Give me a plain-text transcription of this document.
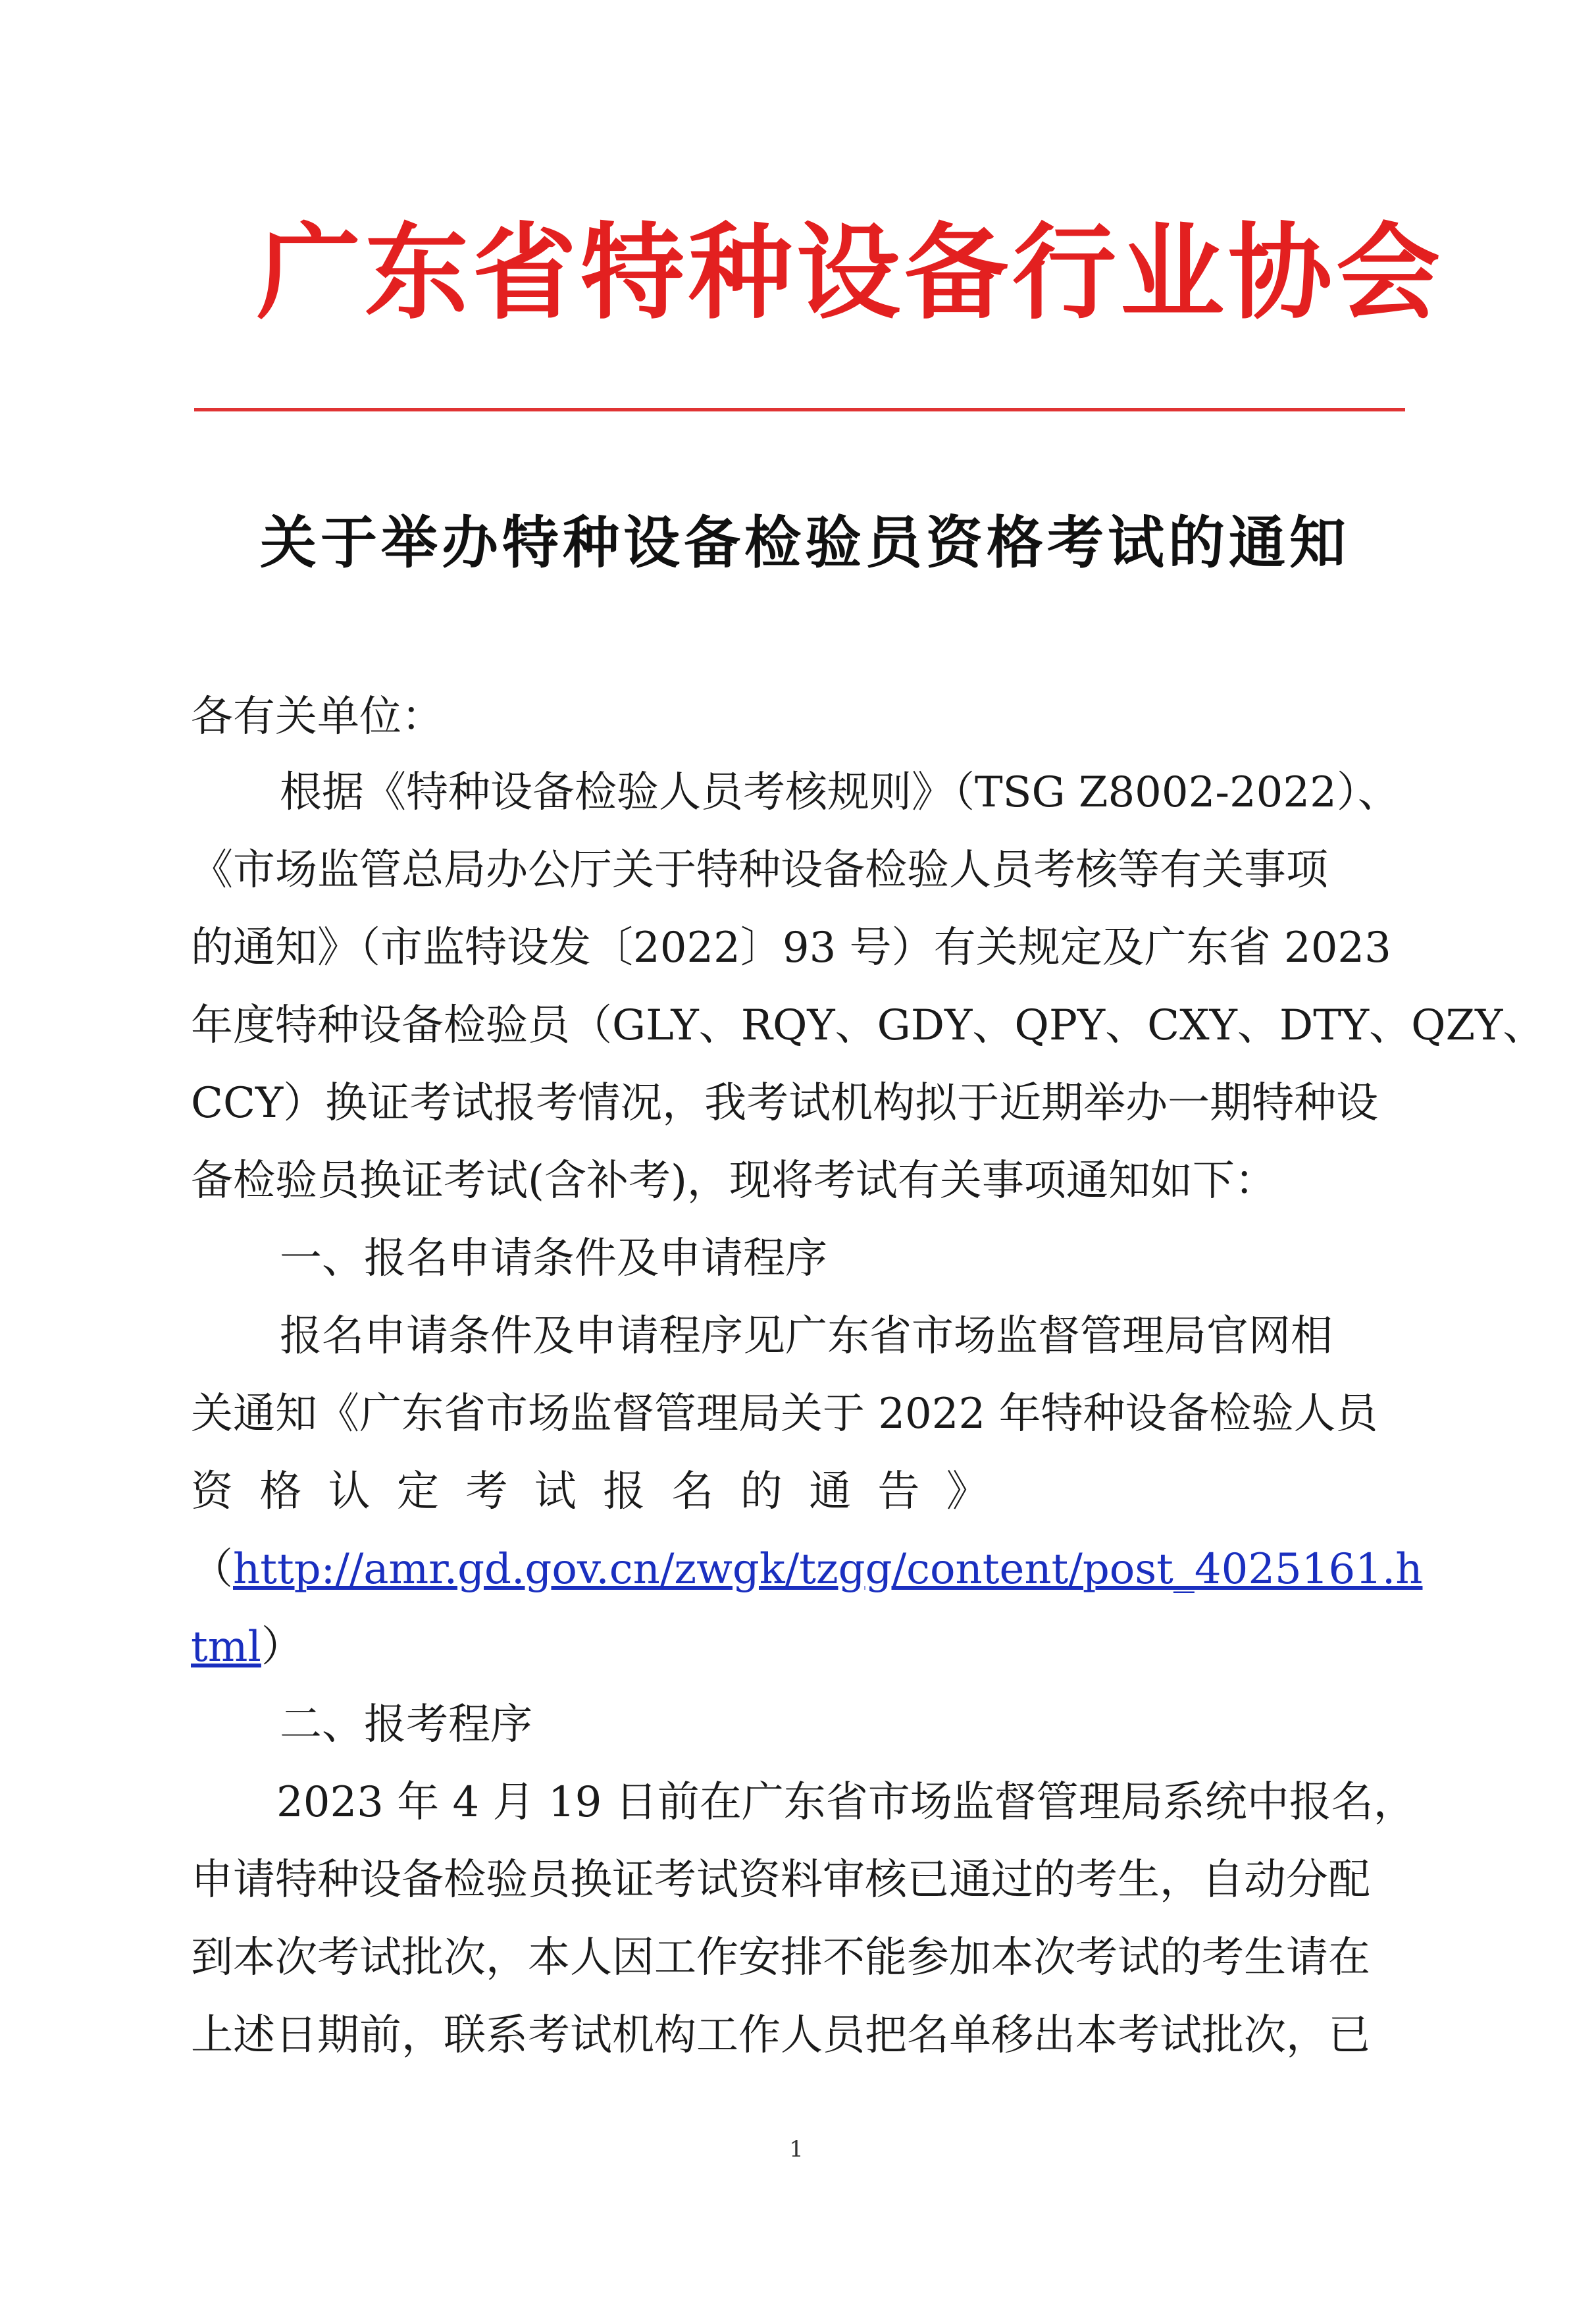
广东省特种设备行业协会
关于举办特种设备检验员资格考试的通知
各有关单位：
根据《特种设备检验人员考核规则》（TSG Z8002-2022）、
《市场监管总局办公厅关于特种设备检验人员考核等有关事项
的通知》（市监特设发〔2022〕93 号）有关规定及广东省 2023
年度特种设备检验员（GLY、RQY、GDY、QPY、CXY、DTY、QZY、
CCY）换证考试报考情况，我考试机构拟于近期举办一期特种设
备检验员换证考试(含补考)，现将考试有关事项通知如下：
一、报名申请条件及申请程序
报名申请条件及申请程序见广东省市场监督管理局官网相
关通知《广东省市场监督管理局关于 2022 年特种设备检验人员
资 格 认 定 考 试 报 名 的 通 告 》
（http://amr.gd.gov.cn/zwgk/tzgg/content/post_4025161.h
tml）
二、报考程序
2023 年 4 月 19 日前在广东省市场监督管理局系统中报名，
申请特种设备检验员换证考试资料审核已通过的考生，自动分配
到本次考试批次，本人因工作安排不能参加本次考试的考生请在
上述日期前，联系考试机构工作人员把名单移出本考试批次，已
1
